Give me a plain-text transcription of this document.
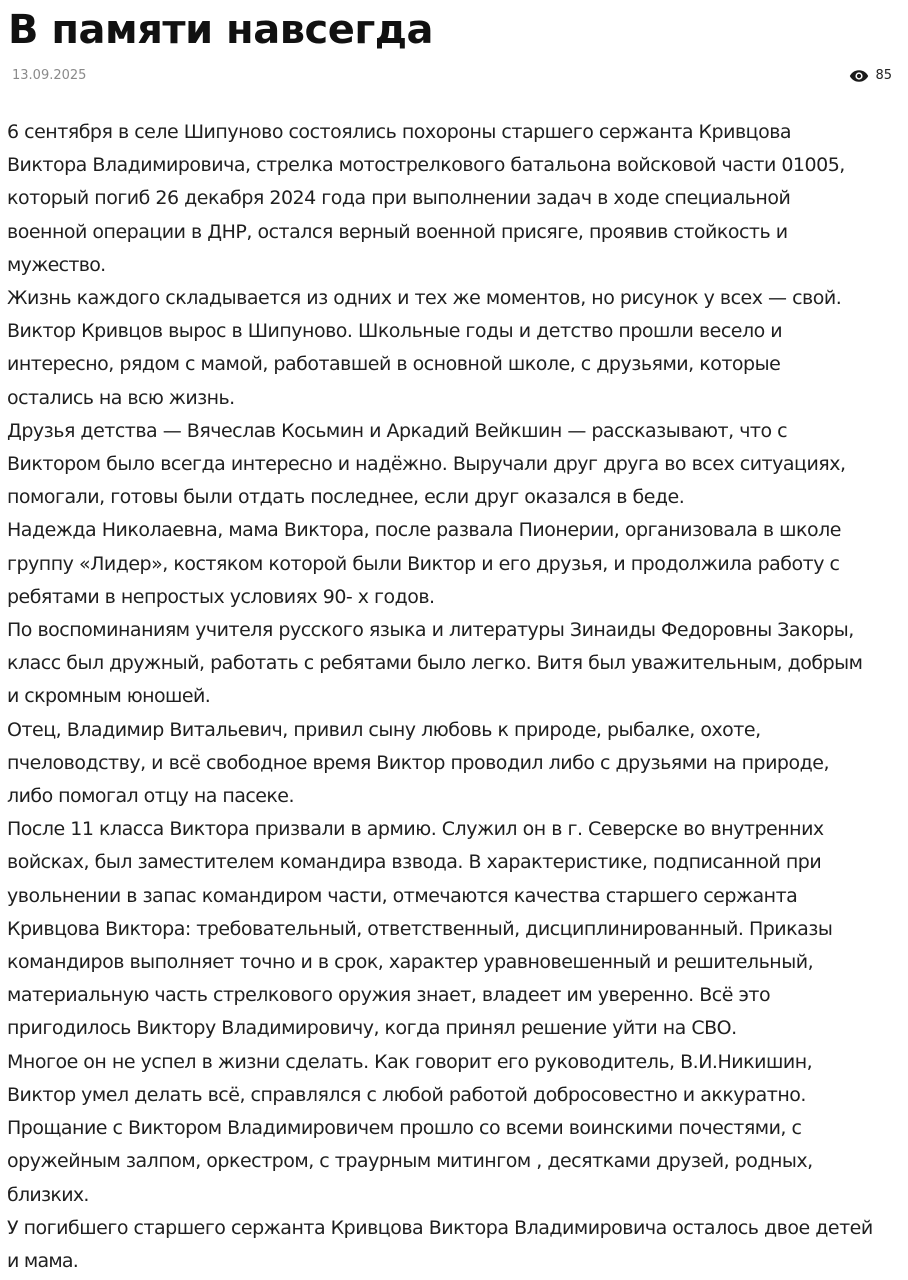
В памяти навсегда
13.09.2025	85

6 сентября в селе Шипуново состоялись похороны старшего сержанта Кривцова
Виктора Владимировича, стрелка мотострелкового батальона войсковой части 01005,
который погиб 26 декабря 2024 года при выполнении задач в ходе специальной
военной операции в ДНР, остался верный военной присяге, проявив стойкость и
мужество.

Жизнь каждого складывается из одних и тех же моментов, но рисунок у всех — свой.
Виктор Кривцов вырос в Шипуново. Школьные годы и детство прошли весело и
интересно, рядом с мамой, работавшей в основной школе, с друзьями, которые
остались на всю жизнь.

Друзья детства — Вячеслав Косьмин и Аркадий Вейкшин — рассказывают, что с
Виктором было всегда интересно и надёжно. Выручали друг друга во всех ситуациях,
помогали, готовы были отдать последнее, если друг оказался в беде.

Надежда Николаевна, мама Виктора, после развала Пионерии, организовала в школе
группу «Лидер», костяком которой были Виктор и его друзья, и продолжила работу с
ребятами в непростых условиях 90- х годов.

По воспоминаниям учителя русского языка и литературы Зинаиды Федоровны Закоры,
класс был дружный, работать с ребятами было легко. Витя был уважительным, добрым
и скромным юношей.

Отец, Владимир Витальевич, привил сыну любовь к природе, рыбалке, охоте,
пчеловодству, и всё свободное время Виктор проводил либо с друзьями на природе,
либо помогал отцу на пасеке.

После 11 класса Виктора призвали в армию. Служил он в г. Северске во внутренних
войсках, был заместителем командира взвода. В характеристике, подписанной при
увольнении в запас командиром части, отмечаются качества старшего сержанта
Кривцова Виктора: требовательный, ответственный, дисциплинированный. Приказы
командиров выполняет точно и в срок, характер уравновешенный и решительный,
материальную часть стрелкового оружия знает, владеет им уверенно. Всё это
пригодилось Виктору Владимировичу, когда принял решение уйти на СВО.

Многое он не успел в жизни сделать. Как говорит его руководитель, В.И.Никишин,
Виктор умел делать всё, справлялся с любой работой добросовестно и аккуратно.

Прощание с Виктором Владимировичем прошло со всеми воинскими почестями, с
оружейным залпом, оркестром, с траурным митингом , десятками друзей, родных,
близких.

У погибшего старшего сержанта Кривцова Виктора Владимировича осталось двое детей
и мама.
